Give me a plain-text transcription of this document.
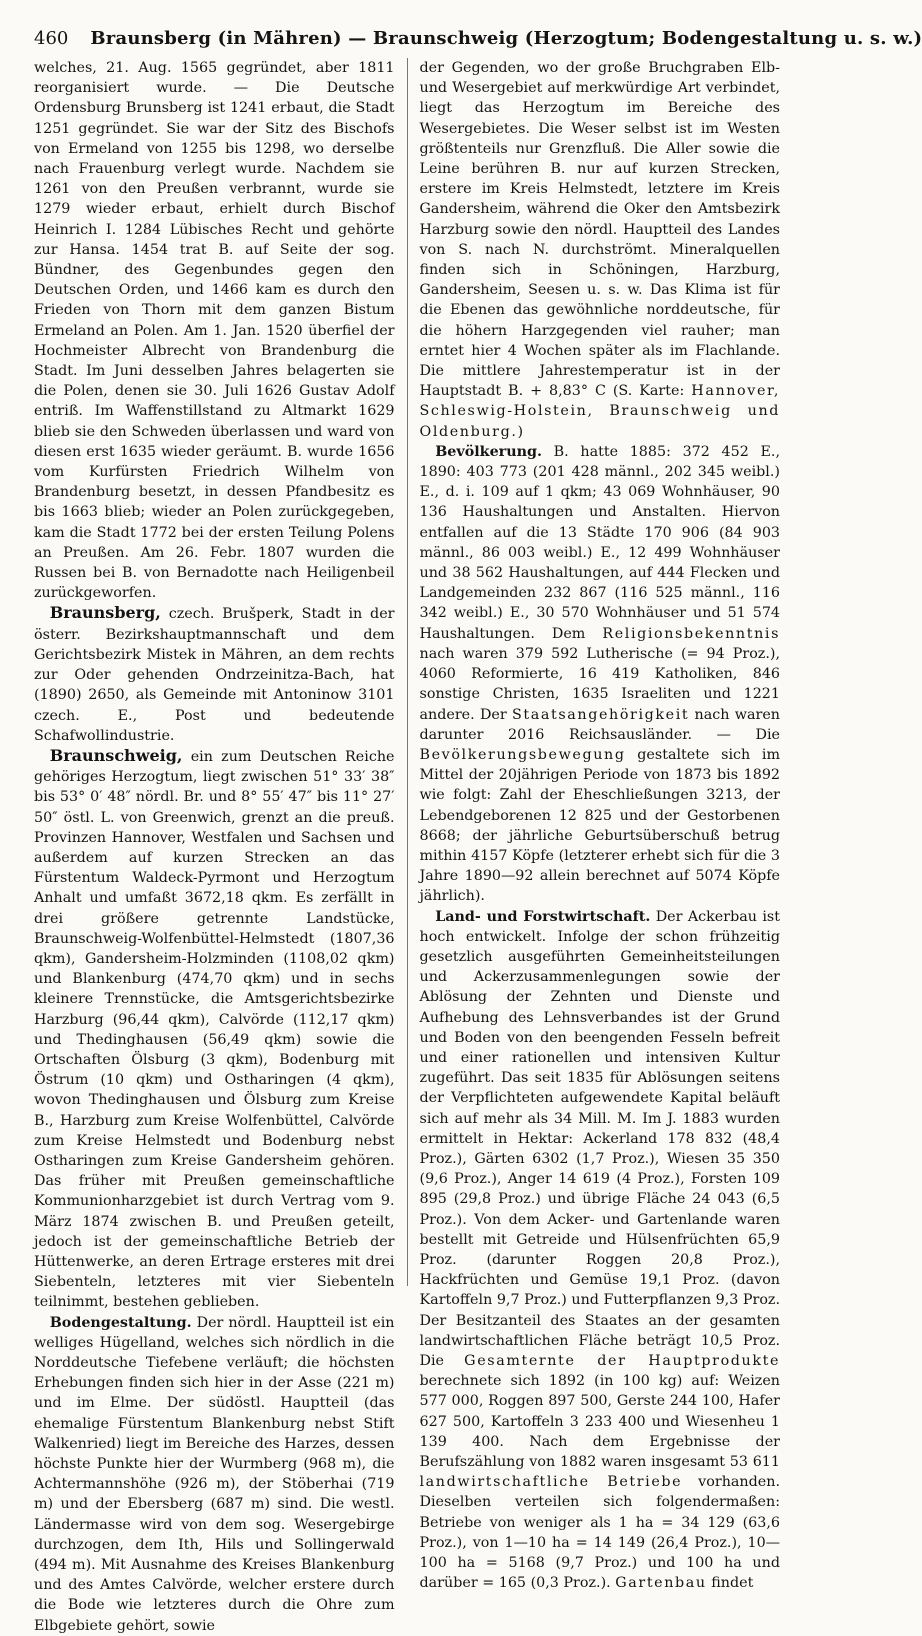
460 Braunsberg (in Mähren) — Braunschweig (Herzogtum; Bodengestaltung u. s. w.)

welches, 21. Aug. 1565 gegründet, aber 1811 reorganisiert wurde. — Die Deutsche Ordensburg Brunsberg ist 1241 erbaut, die Stadt 1251 gegründet. Sie war der Sitz des Bischofs von Ermeland von 1255 bis 1298, wo derselbe nach Frauenburg verlegt wurde. Nachdem sie 1261 von den Preußen verbrannt, wurde sie 1279 wieder erbaut, erhielt durch Bischof Heinrich I. 1284 Lübisches Recht und gehörte zur Hansa. 1454 trat B. auf Seite der sog. Bündner, des Gegenbundes gegen den Deutschen Orden, und 1466 kam es durch den Frieden von Thorn mit dem ganzen Bistum Ermeland an Polen. Am 1. Jan. 1520 überfiel der Hochmeister Albrecht von Brandenburg die Stadt. Im Juni desselben Jahres belagerten sie die Polen, denen sie 30. Juli 1626 Gustav Adolf entriß. Im Waffenstillstand zu Altmarkt 1629 blieb sie den Schweden überlassen und ward von diesen erst 1635 wieder geräumt. B. wurde 1656 vom Kurfürsten Friedrich Wilhelm von Brandenburg besetzt, in dessen Pfandbesitz es bis 1663 blieb; wieder an Polen zurückgegeben, kam die Stadt 1772 bei der ersten Teilung Polens an Preußen. Am 26. Febr. 1807 wurden die Russen bei B. von Bernadotte nach Heiligenbeil zurückgeworfen.

Braunsberg, czech. Brušperk, Stadt in der österr. Bezirkshauptmannschaft und dem Gerichtsbezirk Mistek in Mähren, an dem rechts zur Oder gehenden Ondrzeinitza-Bach, hat (1890) 2650, als Gemeinde mit Antoninow 3101 czech. E., Post und bedeutende Schafwollindustrie.

Braunschweig, ein zum Deutschen Reiche gehöriges Herzogtum, liegt zwischen 51° 33′ 38″ bis 53° 0′ 48″ nördl. Br. und 8° 55′ 47″ bis 11° 27′ 50″ östl. L. von Greenwich, grenzt an die preuß. Provinzen Hannover, Westfalen und Sachsen und außerdem auf kurzen Strecken an das Fürstentum Waldeck-Pyrmont und Herzogtum Anhalt und umfaßt 3672,18 qkm. Es zerfällt in drei größere getrennte Landstücke, Braunschweig-Wolfenbüttel-Helmstedt (1807,36 qkm), Gandersheim-Holzminden (1108,02 qkm) und Blankenburg (474,70 qkm) und in sechs kleinere Trennstücke, die Amtsgerichtsbezirke Harzburg (96,44 qkm), Calvörde (112,17 qkm) und Thedinghausen (56,49 qkm) sowie die Ortschaften Ölsburg (3 qkm), Bodenburg mit Östrum (10 qkm) und Ostharingen (4 qkm), wovon Thedinghausen und Ölsburg zum Kreise B., Harzburg zum Kreise Wolfenbüttel, Calvörde zum Kreise Helmstedt und Bodenburg nebst Ostharingen zum Kreise Gandersheim gehören. Das früher mit Preußen gemeinschaftliche Kommunionharzgebiet ist durch Vertrag vom 9. März 1874 zwischen B. und Preußen geteilt, jedoch ist der gemeinschaftliche Betrieb der Hüttenwerke, an deren Ertrage ersteres mit drei Siebenteln, letzteres mit vier Siebenteln teilnimmt, bestehen geblieben.

Bodengestaltung. Der nördl. Hauptteil ist ein welliges Hügelland, welches sich nördlich in die Norddeutsche Tiefebene verläuft; die höchsten Erhebungen finden sich hier in der Asse (221 m) und im Elme. Der südöstl. Hauptteil (das ehemalige Fürstentum Blankenburg nebst Stift Walkenried) liegt im Bereiche des Harzes, dessen höchste Punkte hier der Wurmberg (968 m), die Achtermannshöhe (926 m), der Stöberhai (719 m) und der Ebersberg (687 m) sind. Die westl. Ländermasse wird von dem sog. Wesergebirge durchzogen, dem Ith, Hils und Sollingerwald (494 m). Mit Ausnahme des Kreises Blankenburg und des Amtes Calvörde, welcher erstere durch die Bode wie letzteres durch die Ohre zum Elbgebiete gehört, sowie

der Gegenden, wo der große Bruchgraben Elb- und Wesergebiet auf merkwürdige Art verbindet, liegt das Herzogtum im Bereiche des Wesergebietes. Die Weser selbst ist im Westen größtenteils nur Grenzfluß. Die Aller sowie die Leine berühren B. nur auf kurzen Strecken, erstere im Kreis Helmstedt, letztere im Kreis Gandersheim, während die Oker den Amtsbezirk Harzburg sowie den nördl. Hauptteil des Landes von S. nach N. durchströmt. Mineralquellen finden sich in Schöningen, Harzburg, Gandersheim, Seesen u. s. w. Das Klima ist für die Ebenen das gewöhnliche norddeutsche, für die höhern Harzgegenden viel rauher; man erntet hier 4 Wochen später als im Flachlande. Die mittlere Jahrestemperatur ist in der Hauptstadt B. + 8,83° C (S. Karte: Hannover, Schleswig-Holstein, Braunschweig und Oldenburg.)

Bevölkerung. B. hatte 1885: 372 452 E., 1890: 403 773 (201 428 männl., 202 345 weibl.) E., d. i. 109 auf 1 qkm; 43 069 Wohnhäuser, 90 136 Haushaltungen und Anstalten. Hiervon entfallen auf die 13 Städte 170 906 (84 903 männl., 86 003 weibl.) E., 12 499 Wohnhäuser und 38 562 Haushaltungen, auf 444 Flecken und Landgemeinden 232 867 (116 525 männl., 116 342 weibl.) E., 30 570 Wohnhäuser und 51 574 Haushaltungen. Dem Religionsbekenntnis nach waren 379 592 Lutherische (= 94 Proz.), 4060 Reformierte, 16 419 Katholiken, 846 sonstige Christen, 1635 Israeliten und 1221 andere. Der Staatsangehörigkeit nach waren darunter 2016 Reichsausländer. — Die Bevölkerungsbewegung gestaltete sich im Mittel der 20jährigen Periode von 1873 bis 1892 wie folgt: Zahl der Eheschließungen 3213, der Lebendgeborenen 12 825 und der Gestorbenen 8668; der jährliche Geburtsüberschuß betrug mithin 4157 Köpfe (letzterer erhebt sich für die 3 Jahre 1890—92 allein berechnet auf 5074 Köpfe jährlich).

Land- und Forstwirtschaft. Der Ackerbau ist hoch entwickelt. Infolge der schon frühzeitig gesetzlich ausgeführten Gemeinheitsteilungen und Ackerzusammenlegungen sowie der Ablösung der Zehnten und Dienste und Aufhebung des Lehnsverbandes ist der Grund und Boden von den beengenden Fesseln befreit und einer rationellen und intensiven Kultur zugeführt. Das seit 1835 für Ablösungen seitens der Verpflichteten aufgewendete Kapital beläuft sich auf mehr als 34 Mill. M. Im J. 1883 wurden ermittelt in Hektar: Ackerland 178 832 (48,4 Proz.), Gärten 6302 (1,7 Proz.), Wiesen 35 350 (9,6 Proz.), Anger 14 619 (4 Proz.), Forsten 109 895 (29,8 Proz.) und übrige Fläche 24 043 (6,5 Proz.). Von dem Acker- und Gartenlande waren bestellt mit Getreide und Hülsenfrüchten 65,9 Proz. (darunter Roggen 20,8 Proz.), Hackfrüchten und Gemüse 19,1 Proz. (davon Kartoffeln 9,7 Proz.) und Futterpflanzen 9,3 Proz. Der Besitzanteil des Staates an der gesamten landwirtschaftlichen Fläche beträgt 10,5 Proz. Die Gesamternte der Hauptprodukte berechnete sich 1892 (in 100 kg) auf: Weizen 577 000, Roggen 897 500, Gerste 244 100, Hafer 627 500, Kartoffeln 3 233 400 und Wiesenheu 1 139 400. Nach dem Ergebnisse der Berufszählung von 1882 waren insgesamt 53 611 landwirtschaftliche Betriebe vorhanden. Dieselben verteilen sich folgendermaßen: Betriebe von weniger als 1 ha = 34 129 (63,6 Proz.), von 1—10 ha = 14 149 (26,4 Proz.), 10—100 ha = 5168 (9,7 Proz.) und 100 ha und darüber = 165 (0,3 Proz.). Gartenbau findet
